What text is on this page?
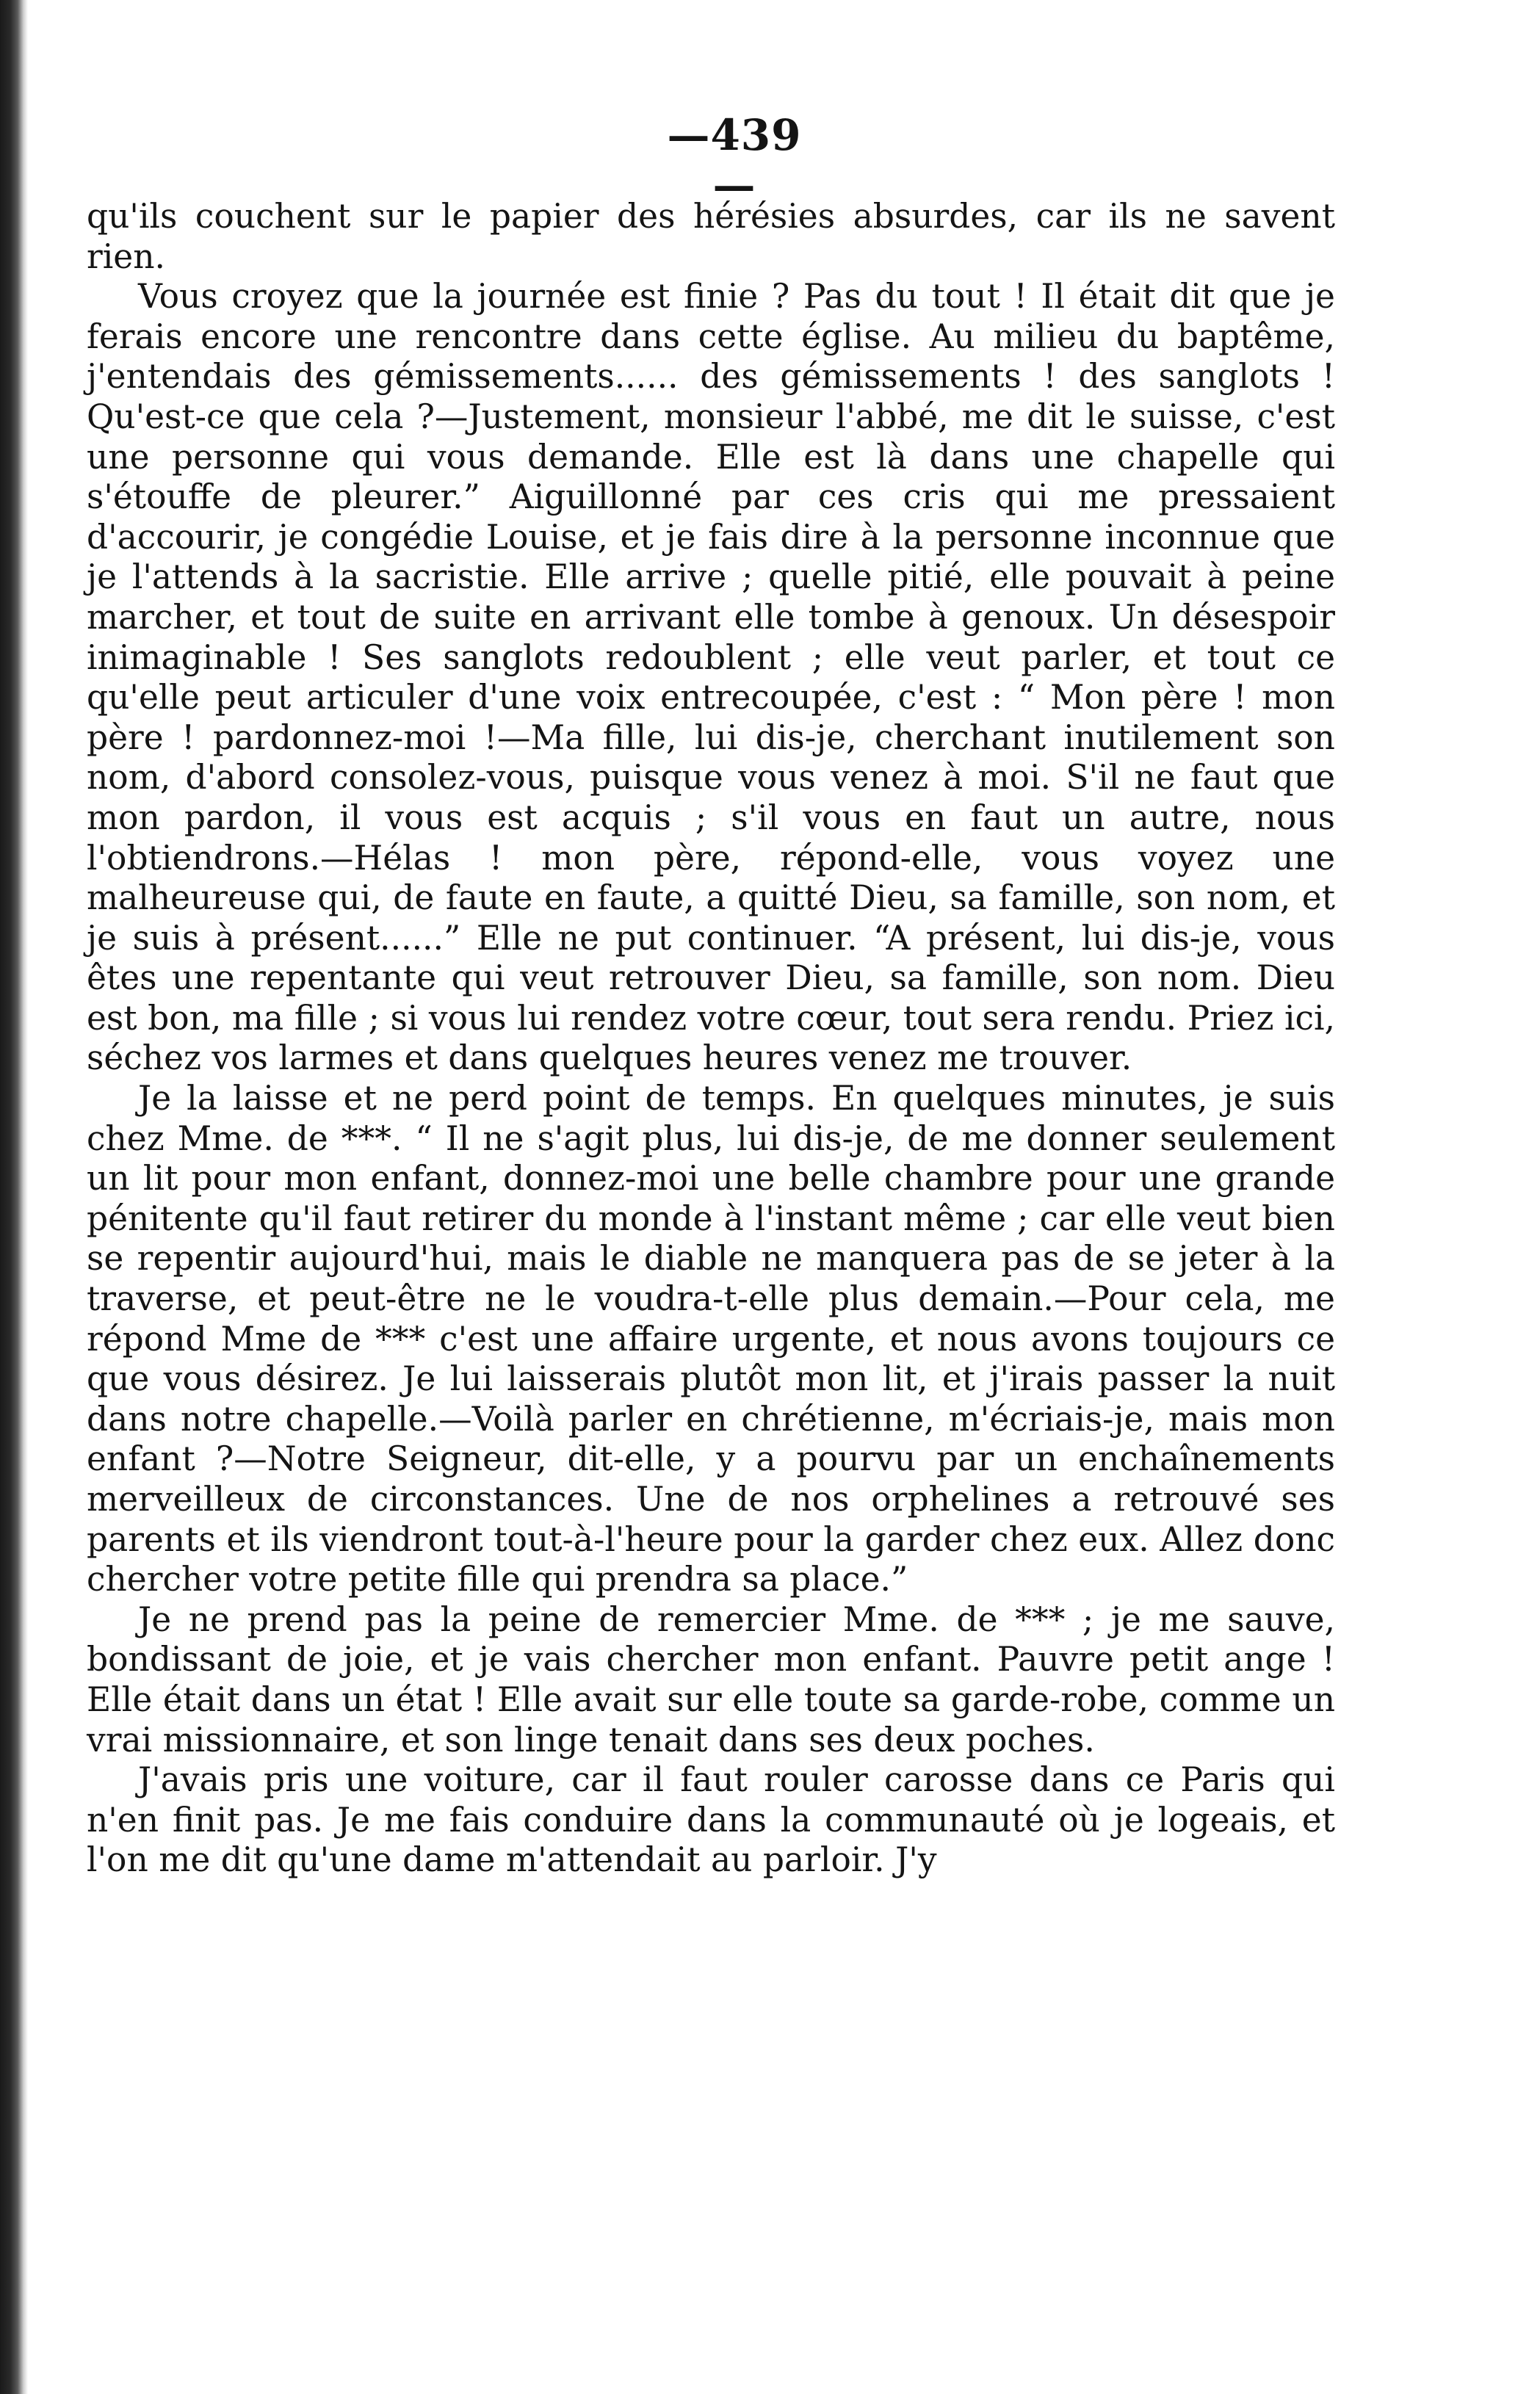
—439—

qu'ils couchent sur le papier des hérésies absurdes, car ils ne savent rien.

Vous croyez que la journée est finie ? Pas du tout ! Il était dit que je ferais encore une rencontre dans cette église. Au milieu du baptême, j'entendais des gémissements...... des gémissements ! des sanglots ! Qu'est-ce que cela ?—Justement, monsieur l'abbé, me dit le suisse, c'est une personne qui vous demande. Elle est là dans une chapelle qui s'étouffe de pleurer.” Aiguillonné par ces cris qui me pressaient d'accourir, je congédie Louise, et je fais dire à la personne inconnue que je l'attends à la sacristie. Elle arrive ; quelle pitié, elle pouvait à peine marcher, et tout de suite en arrivant elle tombe à genoux. Un désespoir inimaginable ! Ses sanglots redoublent ; elle veut parler, et tout ce qu'elle peut articuler d'une voix entrecoupée, c'est : “ Mon père ! mon père ! pardonnez-moi !—Ma fille, lui dis-je, cherchant inutilement son nom, d'abord consolez-vous, puisque vous venez à moi. S'il ne faut que mon pardon, il vous est acquis ; s'il vous en faut un autre, nous l'obtiendrons.—Hélas ! mon père, répond-elle, vous voyez une malheureuse qui, de faute en faute, a quitté Dieu, sa famille, son nom, et je suis à présent......” Elle ne put continuer. “A présent, lui dis-je, vous êtes une repentante qui veut retrouver Dieu, sa famille, son nom. Dieu est bon, ma fille ; si vous lui rendez votre cœur, tout sera rendu. Priez ici, séchez vos larmes et dans quelques heures venez me trouver.

Je la laisse et ne perd point de temps. En quelques minutes, je suis chez Mme. de ***. “ Il ne s'agit plus, lui dis-je, de me donner seulement un lit pour mon enfant, donnez-moi une belle chambre pour une grande pénitente qu'il faut retirer du monde à l'instant même ; car elle veut bien se repentir aujourd'hui, mais le diable ne manquera pas de se jeter à la traverse, et peut-être ne le voudra-t-elle plus demain.—Pour cela, me répond Mme de *** c'est une affaire urgente, et nous avons toujours ce que vous désirez. Je lui laisserais plutôt mon lit, et j'irais passer la nuit dans notre chapelle.—Voilà parler en chrétienne, m'écriais-je, mais mon enfant ?—Notre Seigneur, dit-elle, y a pourvu par un enchaînements merveilleux de circonstances. Une de nos orphelines a retrouvé ses parents et ils viendront tout-à-l'heure pour la garder chez eux. Allez donc chercher votre petite fille qui prendra sa place.”

Je ne prend pas la peine de remercier Mme. de *** ; je me sauve, bondissant de joie, et je vais chercher mon enfant. Pauvre petit ange ! Elle était dans un état ! Elle avait sur elle toute sa garde-robe, comme un vrai missionnaire, et son linge tenait dans ses deux poches.

J'avais pris une voiture, car il faut rouler carosse dans ce Paris qui n'en finit pas. Je me fais conduire dans la communauté où je logeais, et l'on me dit qu'une dame m'attendait au parloir. J'y
